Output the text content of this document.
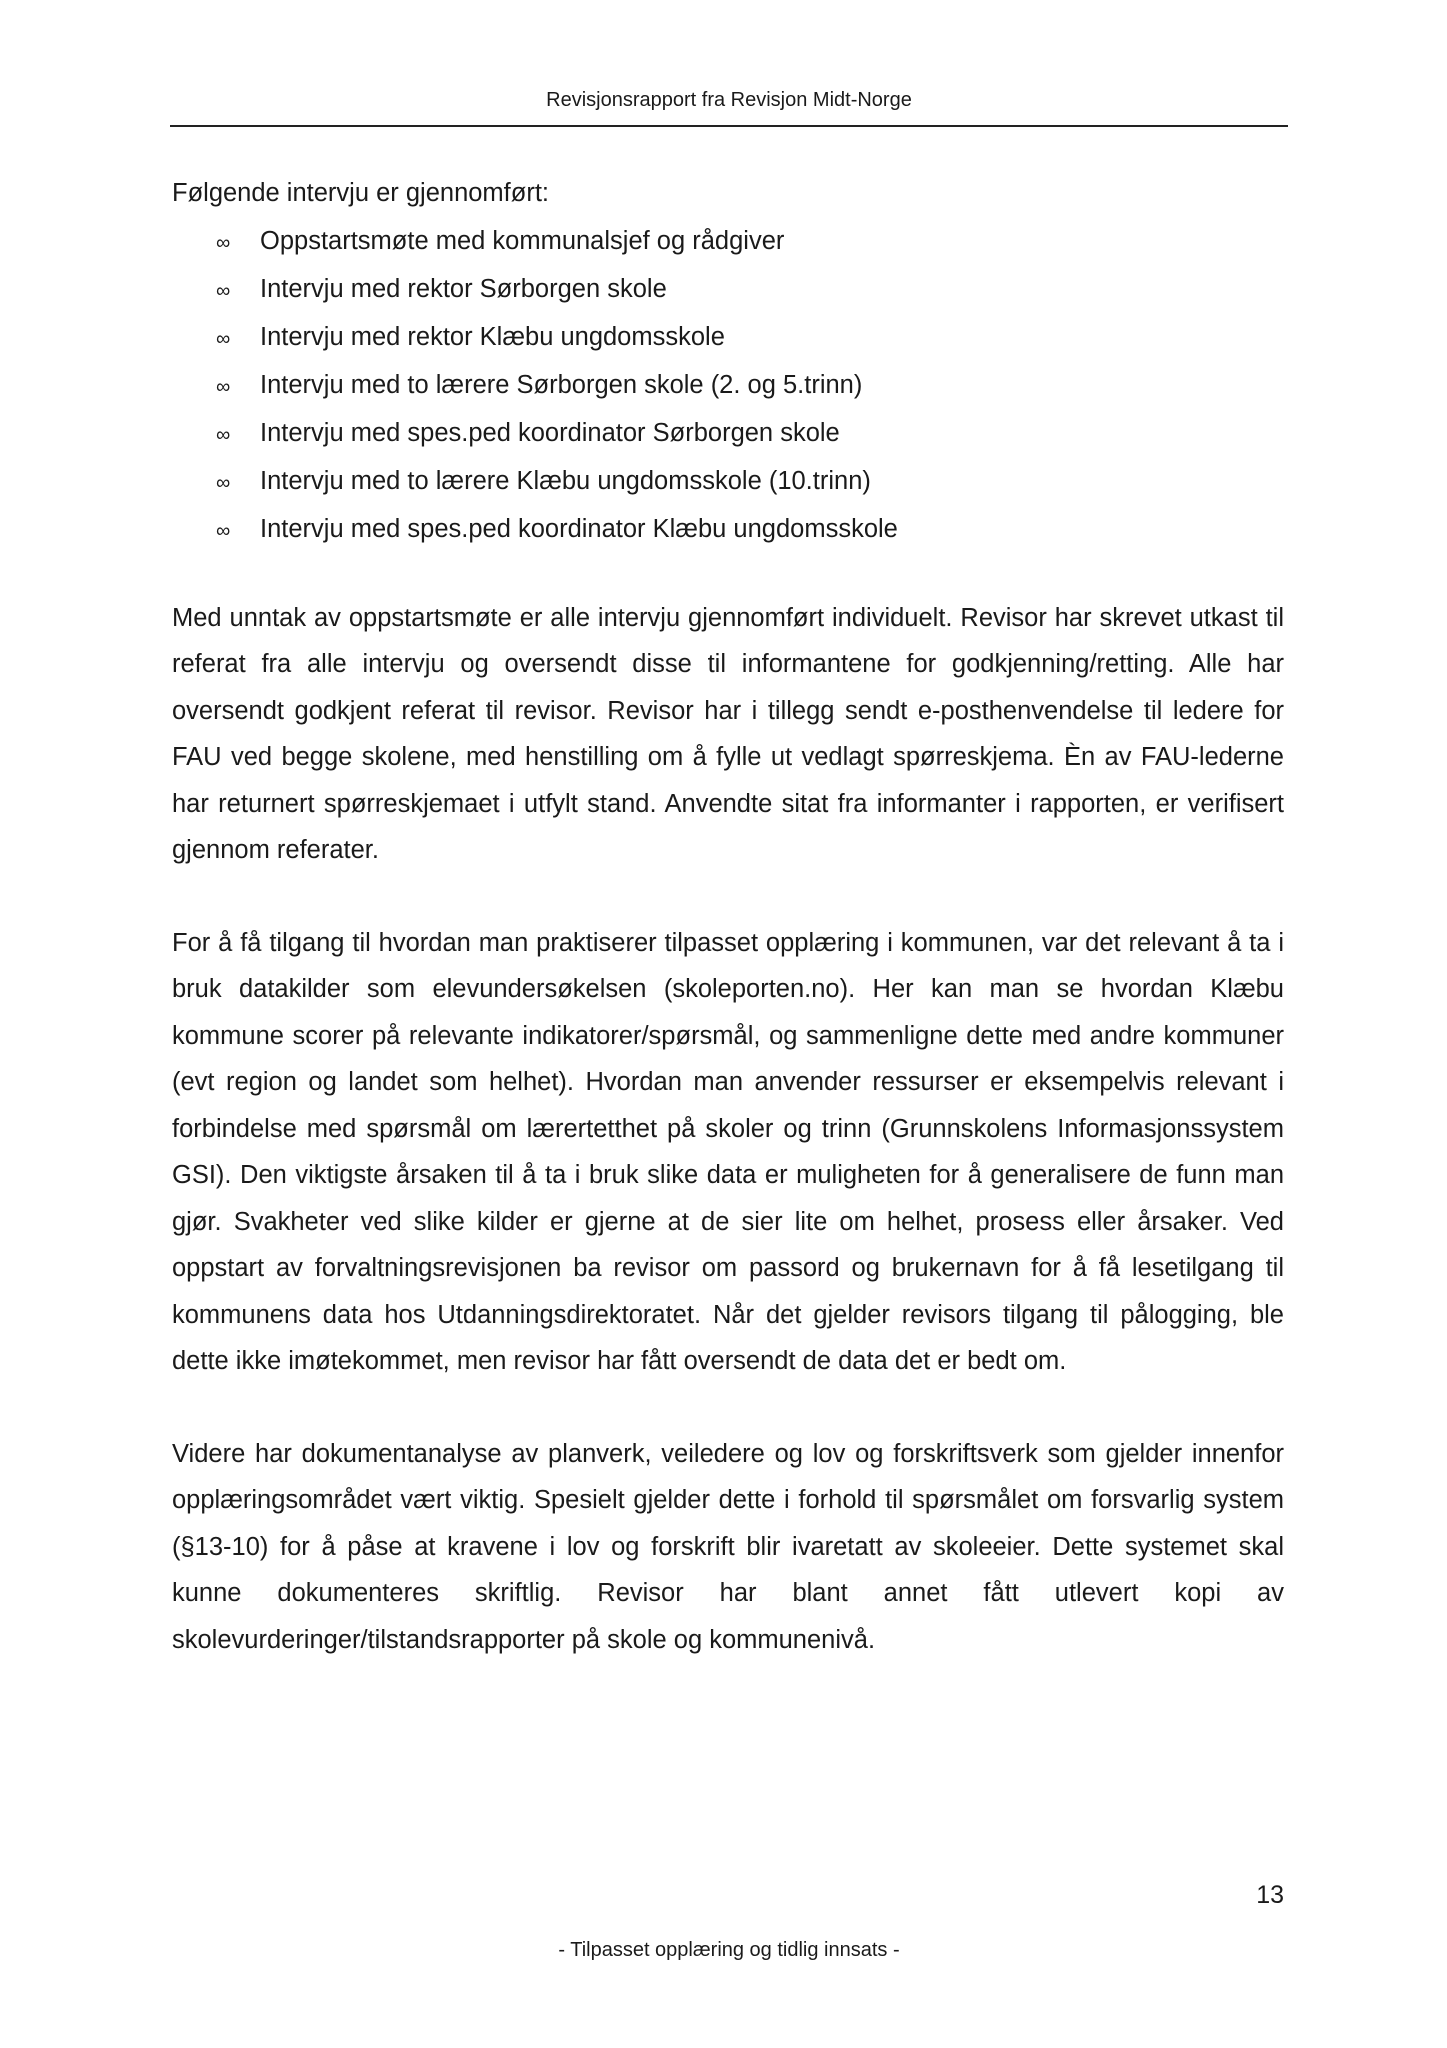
Revisjonsrapport fra Revisjon Midt-Norge

Følgende intervju er gjennomført:

∞	Oppstartsmøte med kommunalsjef og rådgiver
∞	Intervju med rektor Sørborgen skole
∞	Intervju med rektor Klæbu ungdomsskole
∞	Intervju med to lærere Sørborgen skole (2. og 5.trinn)
∞	Intervju med spes.ped koordinator Sørborgen skole
∞	Intervju med to lærere Klæbu ungdomsskole (10.trinn)
∞	Intervju med spes.ped koordinator Klæbu ungdomsskole

Med unntak av oppstartsmøte er alle intervju gjennomført individuelt. Revisor har skrevet utkast til referat fra alle intervju og oversendt disse til informantene for godkjenning/retting. Alle har oversendt godkjent referat til revisor. Revisor har i tillegg sendt e-posthenvendelse til ledere for FAU ved begge skolene, med henstilling om å fylle ut vedlagt spørreskjema. Èn av FAU-lederne har returnert spørreskjemaet i utfylt stand. Anvendte sitat fra informanter i rapporten, er verifisert gjennom referater.

For å få tilgang til hvordan man praktiserer tilpasset opplæring i kommunen, var det relevant å ta i bruk datakilder som elevundersøkelsen (skoleporten.no). Her kan man se hvordan Klæbu kommune scorer på relevante indikatorer/spørsmål, og sammenligne dette med andre kommuner (evt region og landet som helhet). Hvordan man anvender ressurser er eksempelvis relevant i forbindelse med spørsmål om lærertetthet på skoler og trinn (Grunnskolens Informasjonssystem GSI). Den viktigste årsaken til å ta i bruk slike data er muligheten for å generalisere de funn man gjør. Svakheter ved slike kilder er gjerne at de sier lite om helhet, prosess eller årsaker. Ved oppstart av forvaltningsrevisjonen ba revisor om passord og brukernavn for å få lesetilgang til kommunens data hos Utdanningsdirektoratet. Når det gjelder revisors tilgang til pålogging, ble dette ikke imøtekommet, men revisor har fått oversendt de data det er bedt om.

Videre har dokumentanalyse av planverk, veiledere og lov og forskriftsverk som gjelder innenfor opplæringsområdet vært viktig. Spesielt gjelder dette i forhold til spørsmålet om forsvarlig system (§13-10) for å påse at kravene i lov og forskrift blir ivaretatt av skoleeier. Dette systemet skal kunne dokumenteres skriftlig. Revisor har blant annet fått utlevert kopi av skolevurderinger/tilstandsrapporter på skole og kommunenivå.

13
- Tilpasset opplæring og tidlig innsats -
